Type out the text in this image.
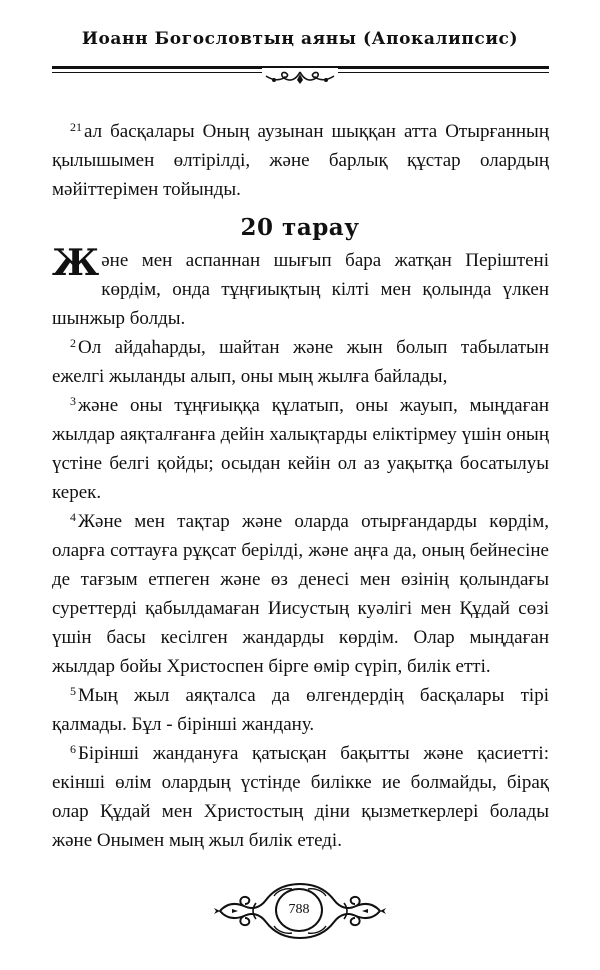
Иоанн Богословтың аяны (Апокалипсис)

$^{21}$ ал басқалары Оның аузынан шыққан атта Отырғанның қылышымен өлтірілді, және барлық құстар олардың мәйіттерімен тойынды.

20 тарау

Және мен аспаннан шығып бара жатқан Періштені көрдім, онда тұңғиықтың кілті мен қолында үлкен шынжыр болды.

$^2$ Ол айдаһарды, шайтан және жын болып табылатын ежелгі жыланды алып, оны мың жылға байлады,

$^3$ және оны тұңғиыққа құлатып, оны жауып, мыңдаған жылдар аяқталғанға дейін халықтарды еліктірмеу үшін оның үстіне белгі қойды; осыдан кейін ол аз уақытқа босатылуы керек.

$^4$ Және мен тақтар және оларда отырғандарды көрдім, оларға соттауға рұқсат берілді, және аңға да, оның бейнесіне де тағзым етпеген және өз денесі мен өзінің қолындағы суреттерді қабылдамаған Иисустың куәлігі мен Құдай сөзі үшін басы кесілген жандарды көрдім. Олар мыңдаған жылдар бойы Христоспен бірге өмір сүріп, билік етті.

$^5$ Мың жыл аяқталса да өлгендердің басқалары тірі қалмады. Бұл - бірінші жандану.

$^6$ Бірінші жандануға қатысқан бақытты және қасиетті: екінші өлім олардың үстінде билікке ие болмайды, бірақ олар Құдай мен Христостың діни қызметкерлері болады және Онымен мың жыл билік етеді.

788
